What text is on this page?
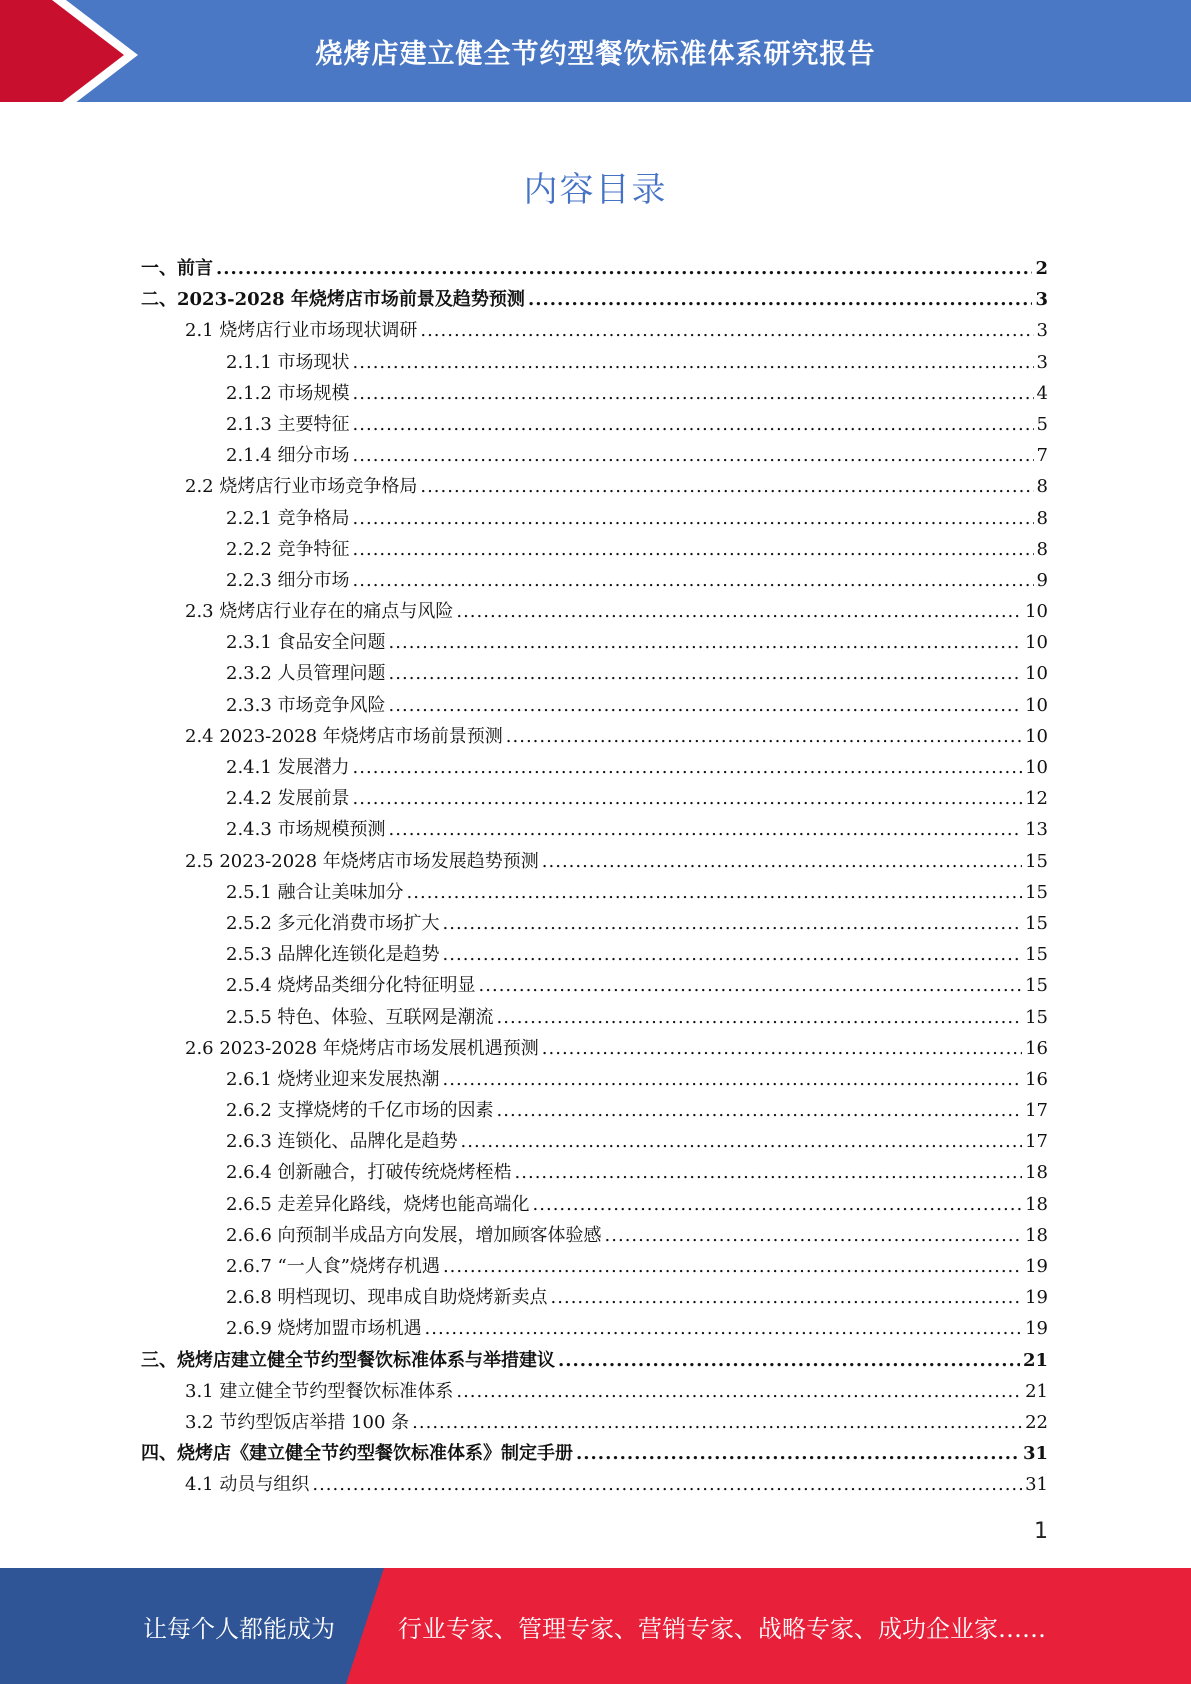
烧烤店建立健全节约型餐饮标准体系研究报告
内容目录
一、前言 .....	2
二、2023-2028 年烧烤店市场前景及趋势预测 .....	3
2.1 烧烤店行业市场现状调研 .....	3
2.1.1 市场现状 .....	3
2.1.2 市场规模 .....	4
2.1.3 主要特征 .....	5
2.1.4 细分市场 .....	7
2.2 烧烤店行业市场竞争格局 .....	8
2.2.1 竞争格局 .....	8
2.2.2 竞争特征 .....	8
2.2.3 细分市场 .....	9
2.3 烧烤店行业存在的痛点与风险 .....	10
2.3.1 食品安全问题 .....	10
2.3.2 人员管理问题 .....	10
2.3.3 市场竞争风险 .....	10
2.4 2023-2028 年烧烤店市场前景预测 .....	10
2.4.1 发展潜力 .....	10
2.4.2 发展前景 .....	12
2.4.3 市场规模预测 .....	13
2.5 2023-2028 年烧烤店市场发展趋势预测 .....	15
2.5.1 融合让美味加分 .....	15
2.5.2 多元化消费市场扩大 .....	15
2.5.3 品牌化连锁化是趋势 .....	15
2.5.4 烧烤品类细分化特征明显 .....	15
2.5.5 特色、体验、互联网是潮流 .....	15
2.6 2023-2028 年烧烤店市场发展机遇预测 .....	16
2.6.1 烧烤业迎来发展热潮 .....	16
2.6.2 支撑烧烤的千亿市场的因素 .....	17
2.6.3 连锁化、品牌化是趋势 .....	17
2.6.4 创新融合，打破传统烧烤桎梏 .....	18
2.6.5 走差异化路线，烧烤也能高端化 .....	18
2.6.6 向预制半成品方向发展，增加顾客体验感 .....	18
2.6.7 “一人食”烧烤存机遇 .....	19
2.6.8 明档现切、现串成自助烧烤新卖点 .....	19
2.6.9 烧烤加盟市场机遇 .....	19
三、烧烤店建立健全节约型餐饮标准体系与举措建议 .....	21
3.1 建立健全节约型餐饮标准体系 .....	21
3.2 节约型饭店举措 100 条 .....	22
四、烧烤店《建立健全节约型餐饮标准体系》制定手册 .....	31
4.1 动员与组织 .....	31
1
让每个人都能成为	行业专家、管理专家、营销专家、战略专家、成功企业家……
